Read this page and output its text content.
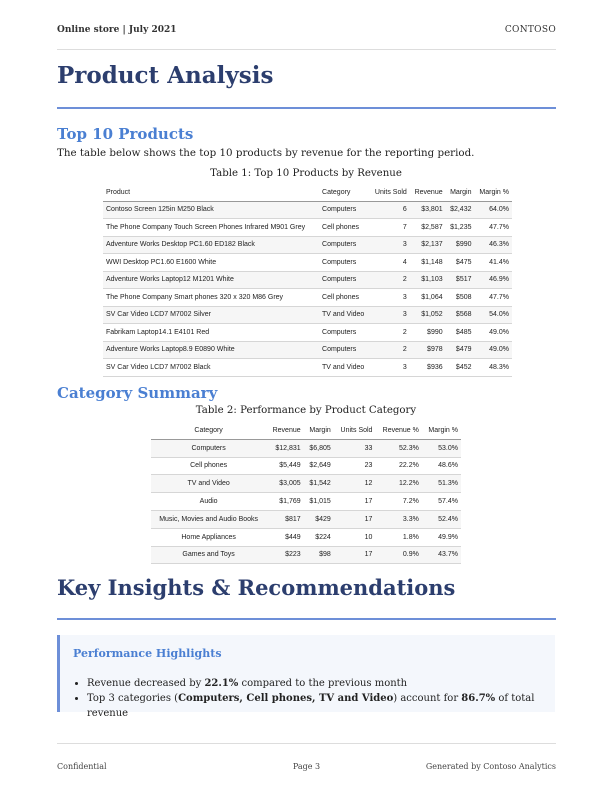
Online store | July 2021	CONTOSO
Product Analysis
Top 10 Products
The table below shows the top 10 products by revenue for the reporting period.
Table 1: Top 10 Products by Revenue
Product	Category	Units Sold	Revenue	Margin	Margin %
Contoso Screen 125in M250 Black	Computers	6	$3,801	$2,432	64.0%
The Phone Company Touch Screen Phones Infrared M901 Grey	Cell phones	7	$2,587	$1,235	47.7%
Adventure Works Desktop PC1.60 ED182 Black	Computers	3	$2,137	$990	46.3%
WWI Desktop PC1.60 E1600 White	Computers	4	$1,148	$475	41.4%
Adventure Works Laptop12 M1201 White	Computers	2	$1,103	$517	46.9%
The Phone Company Smart phones 320 x 320 M86 Grey	Cell phones	3	$1,064	$508	47.7%
SV Car Video LCD7 M7002 Silver	TV and Video	3	$1,052	$568	54.0%
Fabrikam Laptop14.1 E4101 Red	Computers	2	$990	$485	49.0%
Adventure Works Laptop8.9 E0890 White	Computers	2	$978	$479	49.0%
SV Car Video LCD7 M7002 Black	TV and Video	3	$936	$452	48.3%
Category Summary
Table 2: Performance by Product Category
Category	Revenue	Margin	Units Sold	Revenue %	Margin %
Computers	$12,831	$6,805	33	52.3%	53.0%
Cell phones	$5,449	$2,649	23	22.2%	48.6%
TV and Video	$3,005	$1,542	12	12.2%	51.3%
Audio	$1,769	$1,015	17	7.2%	57.4%
Music, Movies and Audio Books	$817	$429	17	3.3%	52.4%
Home Appliances	$449	$224	10	1.8%	49.9%
Games and Toys	$223	$98	17	0.9%	43.7%
Key Insights & Recommendations
Performance Highlights
• Revenue decreased by 22.1% compared to the previous month
• Top 3 categories (Computers, Cell phones, TV and Video) account for 86.7% of total revenue
Confidential	Page 3	Generated by Contoso Analytics
